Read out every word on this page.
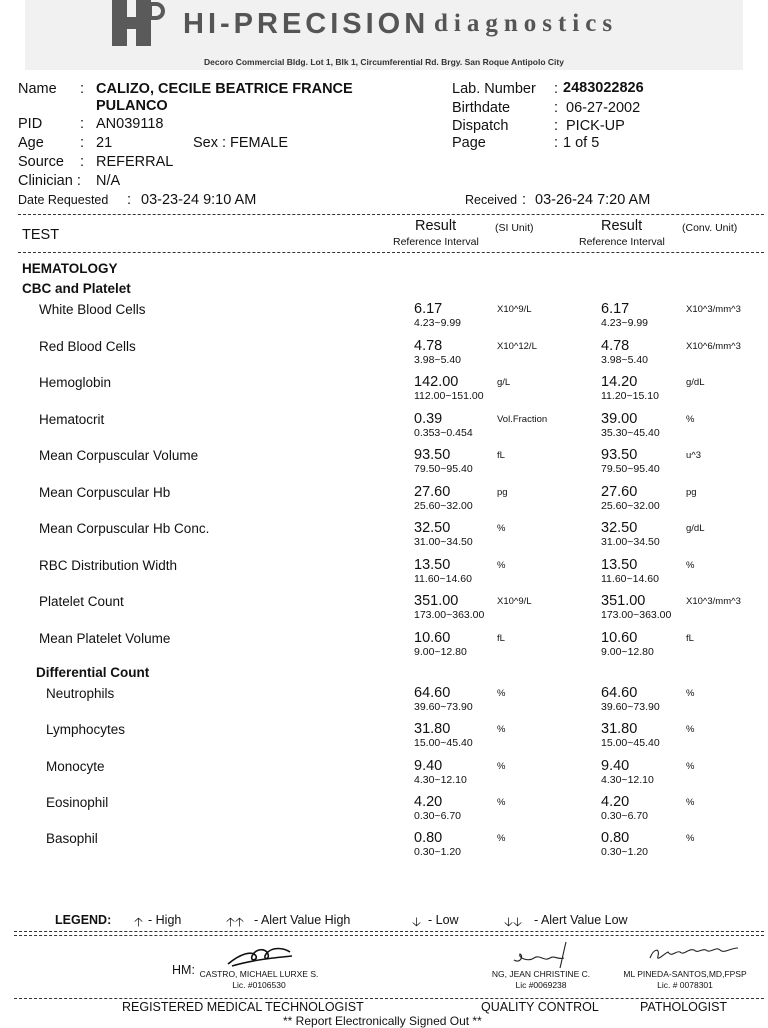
HI-PRECISION diagnostics
Decoro Commercial Bldg. Lot 1, Blk 1, Circumferential Rd. Brgy. San Roque Antipolo City
Name : CALIZO, CECILE BEATRICE FRANCE
PULANCO
PID	: AN039118
Age : 21	Sex : FEMALE
Source : REFERRAL
Clinician : N/A
Date Requested : 03-23-24 9:10 AM
Lab. Number : 2483022826
Birthdate	: 06-27-2002
Dispatch	: PICK-UP
Page	: 1 of 5
Received : 03-26-24 7:20 AM
TEST
Result
Reference Interval
(SI Unit)	Result
Reference Interval
(Conv. Unit)
HEMATOLOGY
CBC and Platelet
Differential Count
White Blood Cells	6.17
4.23~9.99
X10^9/L	6.17
4.23~9.99
X10^3/mm^3
Red Blood Cells	4.78
3.98~5.40
X10^12/L	4.78
3.98~5.40
X10^6/mm^3
Hemoglobin	142.00
112.00~151.00
g/L	14.20
11.20~15.10
g/dL
Hematocrit	0.39
0.353~0.454
Vol.Fraction	39.00
35.30~45.40
%
Mean Corpuscular Volume	93.50
79.50~95.40
fL	93.50
79.50~95.40
u^3
Mean Corpuscular Hb	27.60
25.60~32.00
pg	27.60
25.60~32.00
pg
Mean Corpuscular Hb Conc.	32.50
31.00~34.50
%	32.50
31.00~34.50
g/dL
RBC Distribution Width	13.50
11.60~14.60
%	13.50
11.60~14.60
%
Platelet Count	351.00
173.00~363.00
X10^9/L	351.00
173.00~363.00
X10^3/mm^3
Mean Platelet Volume	10.60
9.00~12.80
fL	10.60
9.00~12.80
fL
Neutrophils	64.60
39.60~73.90
%	64.60
39.60~73.90
%
Lymphocytes	31.80
15.00~45.40
%	31.80
15.00~45.40
%
Monocyte	9.40
4.30~12.10
%	9.40
4.30~12.10
%
Eosinophil	4.20
0.30~6.70
%	4.20
0.30~6.70
%
Basophil	0.80
0.30~1.20
%	0.80
0.30~1.20
%
LEGEND: 🡡 - High	🡡🡡 - Alert Value High	🡣 - Low	🡣🡣 - Alert Value Low
HM: CASTRO, MICHAEL LURXE S.
Lic. #0106530
NG, JEAN CHRISTINE C.
Lic #0069238
ML PINEDA-SANTOS,MD,FPSP
Lic. # 0078301
REGISTERED MEDICAL TECHNOLOGIST	QUALITY CONTROL	PATHOLOGIST
** Report Electronically Signed Out **
